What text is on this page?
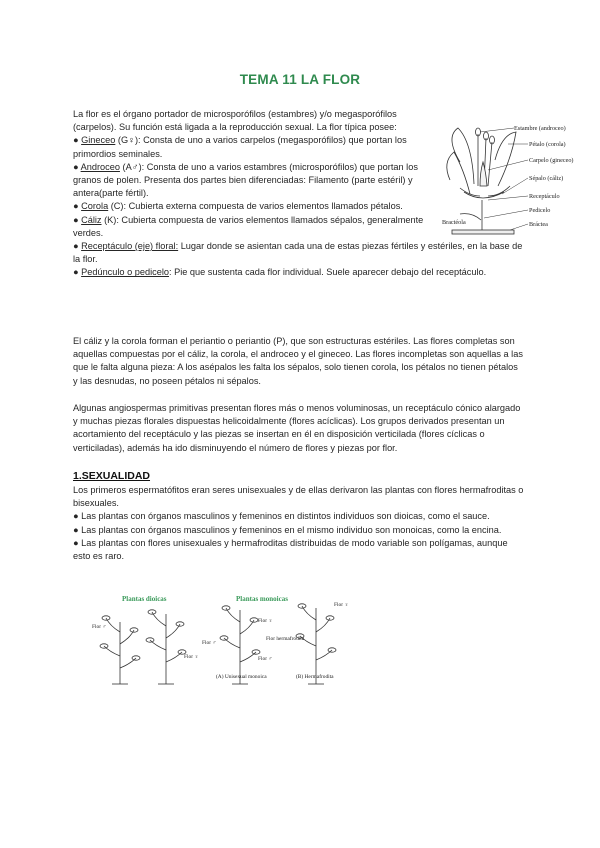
TEMA 11 LA FLOR

La flor es el órgano portador de microsporófilos (estambres) y/o megasporófilos

(carpelos). Su función está ligada a la reproducción sexual. La flor típica posee:

● Gineceo (G♀): Consta de uno a varios carpelos (megasporófilos) que portan los primordios seminales.

● Androceo (A♂): Consta de uno a varios estambres (microsporófilos) que portan los granos de polen. Presenta dos partes bien diferenciadas: Filamento (parte estéril) y antera(parte fértil).

● Corola (C): Cubierta externa compuesta de varios elementos llamados pétalos.

● Cáliz (K): Cubierta compuesta de varios elementos llamados sépalos, generalmente verdes.

● Receptáculo (eje) floral: Lugar donde se asientan cada una de estas piezas fértiles y estériles, en la base de la flor.

● Pedúnculo o pedicelo: Pie que sustenta cada flor individual. Suele aparecer debajo del receptáculo.

Estambre (androceo)
Pétalo (corola)
Carpelo (gineceo)
Sépalo (cáliz)
Receptáculo
Pedicelo
Bráctea
Bractéola
El cáliz y la corola forman el periantio o periantio (P), que son estructuras estériles. Las flores completas son aquellas compuestas por el cáliz, la corola, el androceo y el gineceo. Las flores incompletas son aquellas a las que le falta alguna pieza: A los asépalos les falta los sépalos, solo tienen corola, los pétalos no tienen pétalos y las desnudas, no poseen pétalos ni sépalos.
Algunas angiospermas primitivas presentan flores más o menos voluminosas, un receptáculo cónico alargado y muchas piezas florales dispuestas helicoidalmente (flores acíclicas). Los grupos derivados presentan un acortamiento del receptáculo y las piezas se insertan en él en disposición verticilada (flores cíclicas o verticiladas), además ha ido disminuyendo el número de flores y piezas por flor.
1.SEXUALIDAD

Los primeros espermatófitos eran seres unisexuales y de ellas derivaron las plantas con flores hermafroditas o bisexuales.

● Las plantas con órganos masculinos y femeninos en distintos individuos son dioicas, como el sauce.

● Las plantas con órganos masculinos y femeninos en el mismo individuo son monoicas, como la encina.

● Las plantas con flores unisexuales y hermafroditas distribuidas de modo variable son polígamas, aunque esto es raro.

Plantas dioicas	Plantas monoicas
Flor ♂
Flor ♀
Flor ♀
Flor ♂
Flor ♂
Flor ♀
Flor hermafrodita
(A) Unisexual monoica	(B) Hermafrodita
